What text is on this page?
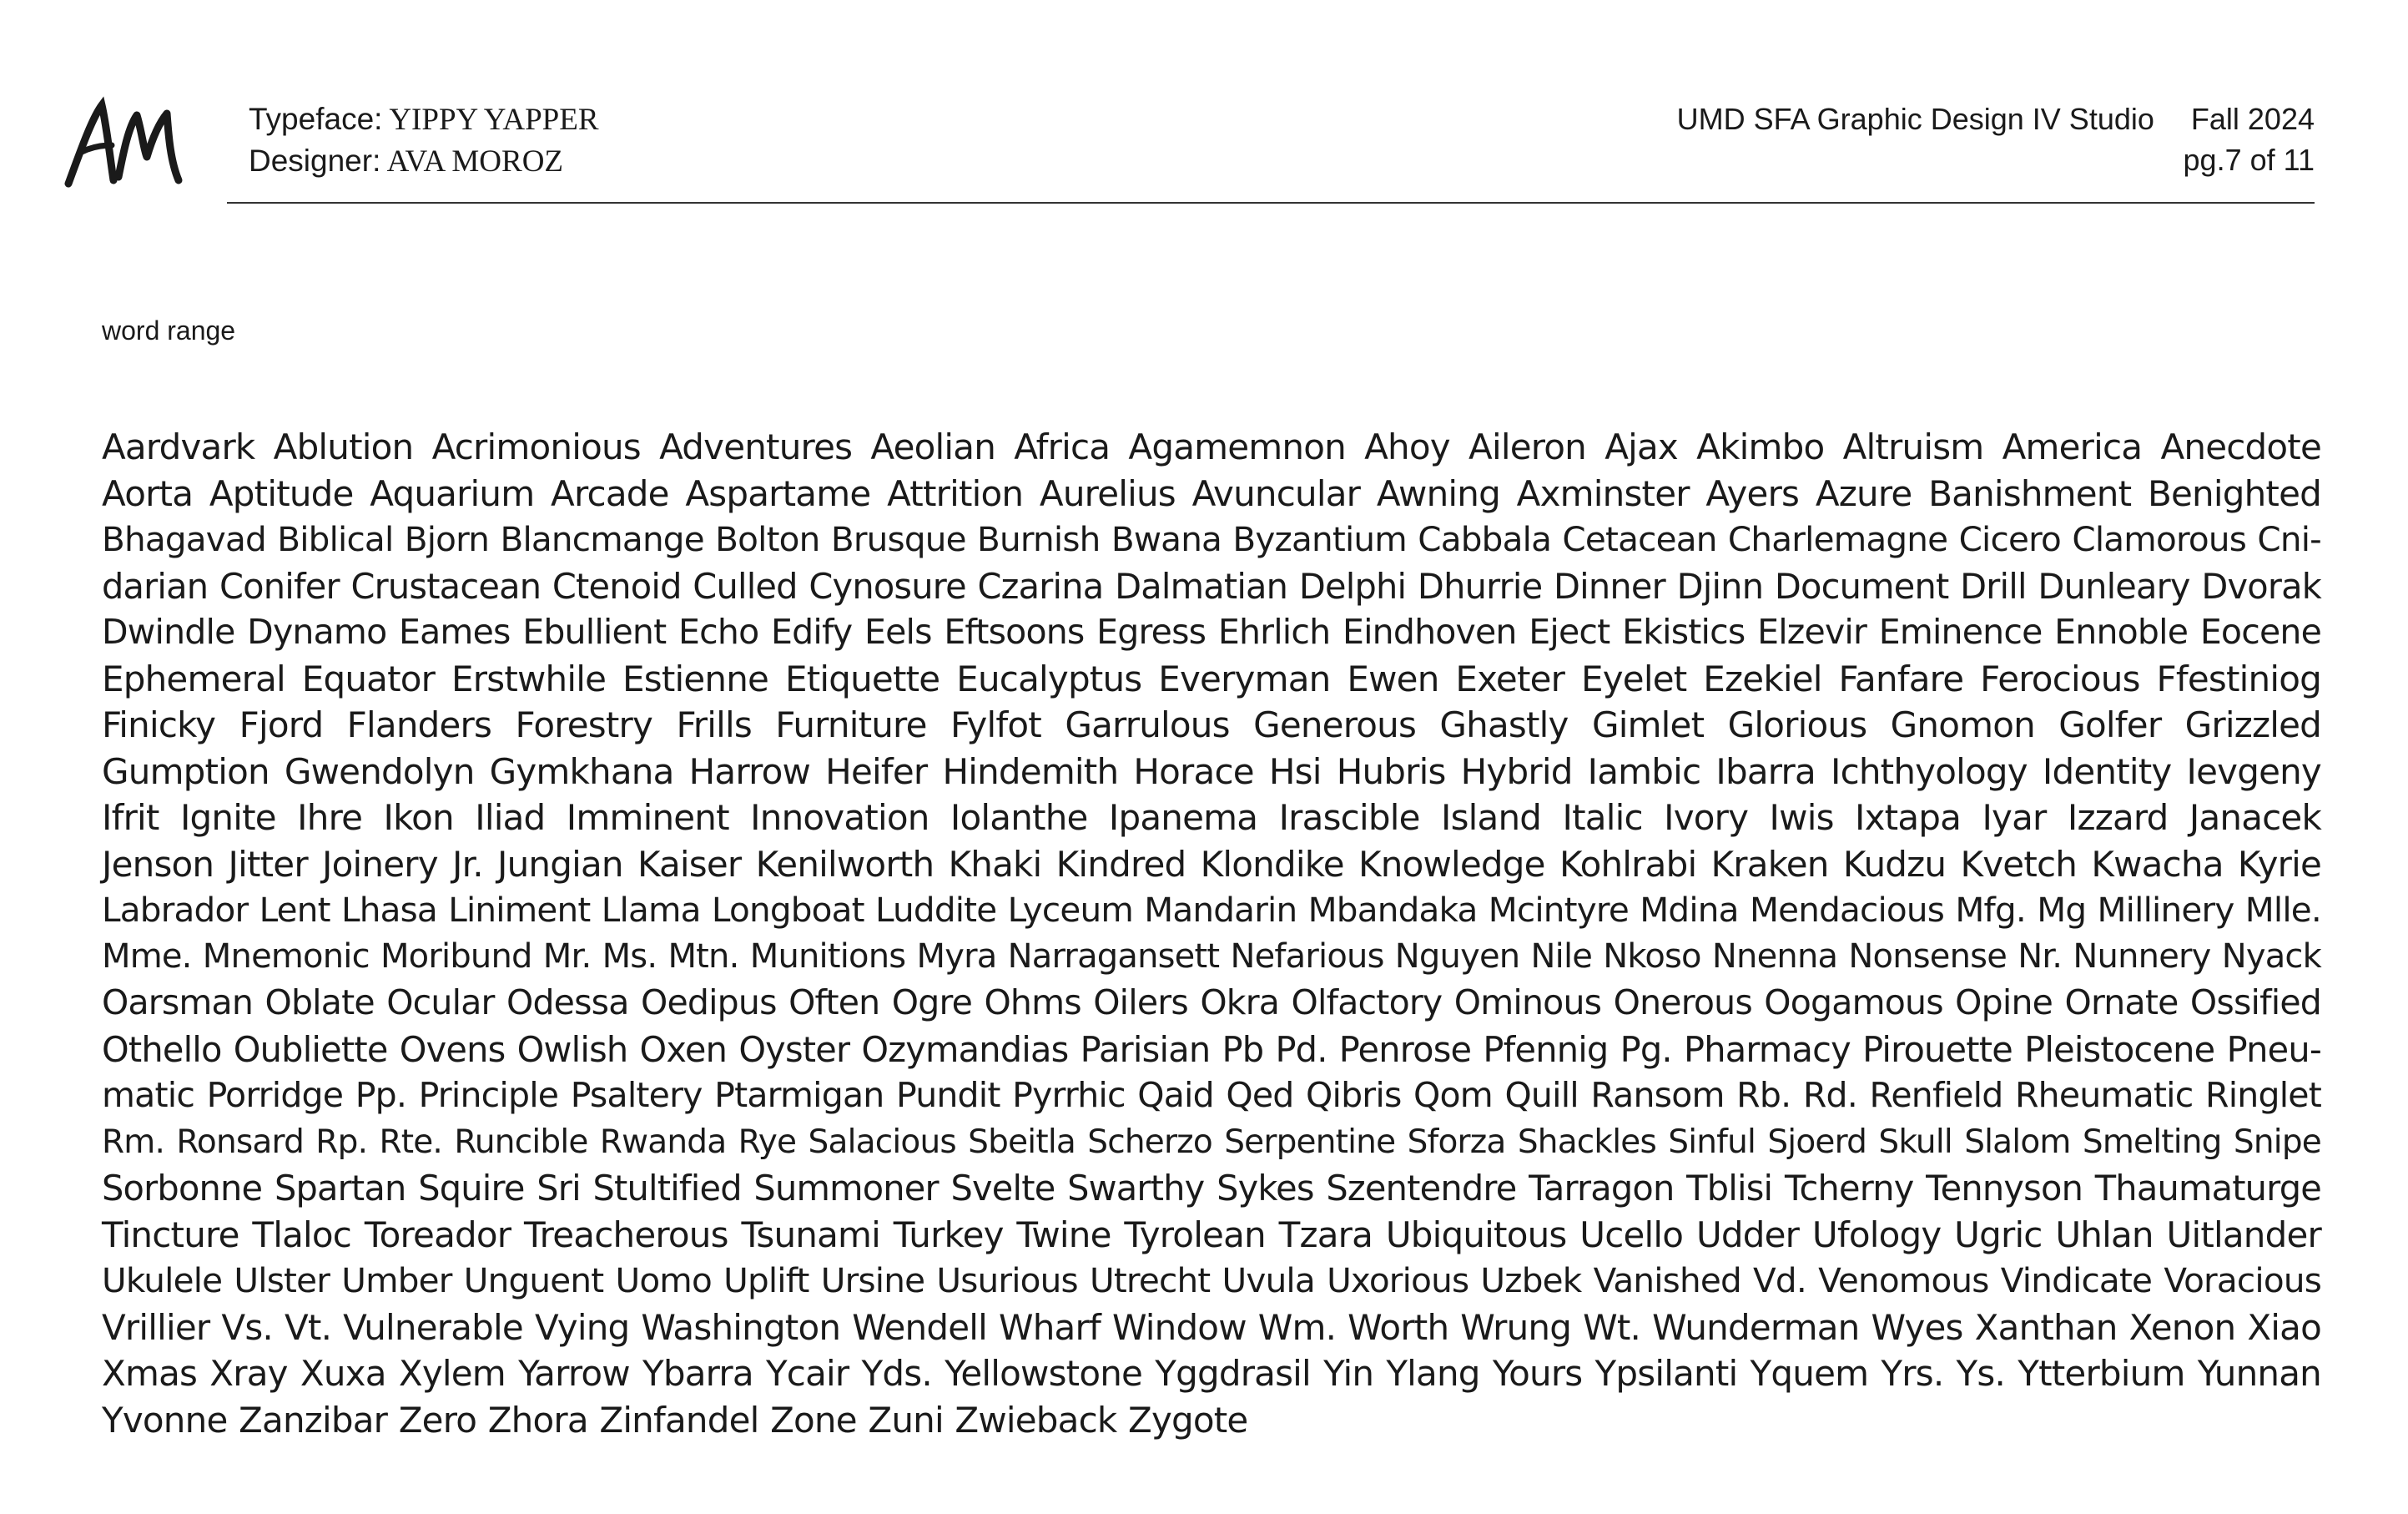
Typeface: YIPPY YAPPER
Designer: AVA MOROZ
UMD SFA Graphic Design IV Studio Fall 2024
pg.7 of 11
word range
Aardvark Ablution Acrimonious Adventures Aeolian Africa Agamemnon Ahoy Aileron Ajax Akimbo Altruism America Anecdote
Aorta Aptitude Aquarium Arcade Aspartame Attrition Aurelius Avuncular Awning Axminster Ayers Azure Banishment Benighted
Bhagavad Biblical Bjorn Blancmange Bolton Brusque Burnish Bwana Byzantium Cabbala Cetacean Charlemagne Cicero Clamorous Cni-
darian Conifer Crustacean Ctenoid Culled Cynosure Czarina Dalmatian Delphi Dhurrie Dinner Djinn Document Drill Dunleary Dvorak
Dwindle Dynamo Eames Ebullient Echo Edify Eels Eftsoons Egress Ehrlich Eindhoven Eject Ekistics Elzevir Eminence Ennoble Eocene
Ephemeral Equator Erstwhile Estienne Etiquette Eucalyptus Everyman Ewen Exeter Eyelet Ezekiel Fanfare Ferocious Ffestiniog
Finicky Fjord Flanders Forestry Frills Furniture Fylfot Garrulous Generous Ghastly Gimlet Glorious Gnomon Golfer Grizzled
Gumption Gwendolyn Gymkhana Harrow Heifer Hindemith Horace Hsi Hubris Hybrid Iambic Ibarra Ichthyology Identity Ievgeny
Ifrit Ignite Ihre Ikon Iliad Imminent Innovation Iolanthe Ipanema Irascible Island Italic Ivory Iwis Ixtapa Iyar Izzard Janacek
Jenson Jitter Joinery Jr. Jungian Kaiser Kenilworth Khaki Kindred Klondike Knowledge Kohlrabi Kraken Kudzu Kvetch Kwacha Kyrie
Labrador Lent Lhasa Liniment Llama Longboat Luddite Lyceum Mandarin Mbandaka Mcintyre Mdina Mendacious Mfg. Mg Millinery Mlle.
Mme. Mnemonic Moribund Mr. Ms. Mtn. Munitions Myra Narragansett Nefarious Nguyen Nile Nkoso Nnenna Nonsense Nr. Nunnery Nyack
Oarsman Oblate Ocular Odessa Oedipus Often Ogre Ohms Oilers Okra Olfactory Ominous Onerous Oogamous Opine Ornate Ossified
Othello Oubliette Ovens Owlish Oxen Oyster Ozymandias Parisian Pb Pd. Penrose Pfennig Pg. Pharmacy Pirouette Pleistocene Pneu-
matic Porridge Pp. Principle Psaltery Ptarmigan Pundit Pyrrhic Qaid Qed Qibris Qom Quill Ransom Rb. Rd. Renfield Rheumatic Ringlet
Rm. Ronsard Rp. Rte. Runcible Rwanda Rye Salacious Sbeitla Scherzo Serpentine Sforza Shackles Sinful Sjoerd Skull Slalom Smelting Snipe
Sorbonne Spartan Squire Sri Stultified Summoner Svelte Swarthy Sykes Szentendre Tarragon Tblisi Tcherny Tennyson Thaumaturge
Tincture Tlaloc Toreador Treacherous Tsunami Turkey Twine Tyrolean Tzara Ubiquitous Ucello Udder Ufology Ugric Uhlan Uitlander
Ukulele Ulster Umber Unguent Uomo Uplift Ursine Usurious Utrecht Uvula Uxorious Uzbek Vanished Vd. Venomous Vindicate Voracious
Vrillier Vs. Vt. Vulnerable Vying Washington Wendell Wharf Window Wm. Worth Wrung Wt. Wunderman Wyes Xanthan Xenon Xiao
Xmas Xray Xuxa Xylem Yarrow Ybarra Ycair Yds. Yellowstone Yggdrasil Yin Ylang Yours Ypsilanti Yquem Yrs. Ys. Ytterbium Yunnan
Yvonne Zanzibar Zero Zhora Zinfandel Zone Zuni Zwieback Zygote
